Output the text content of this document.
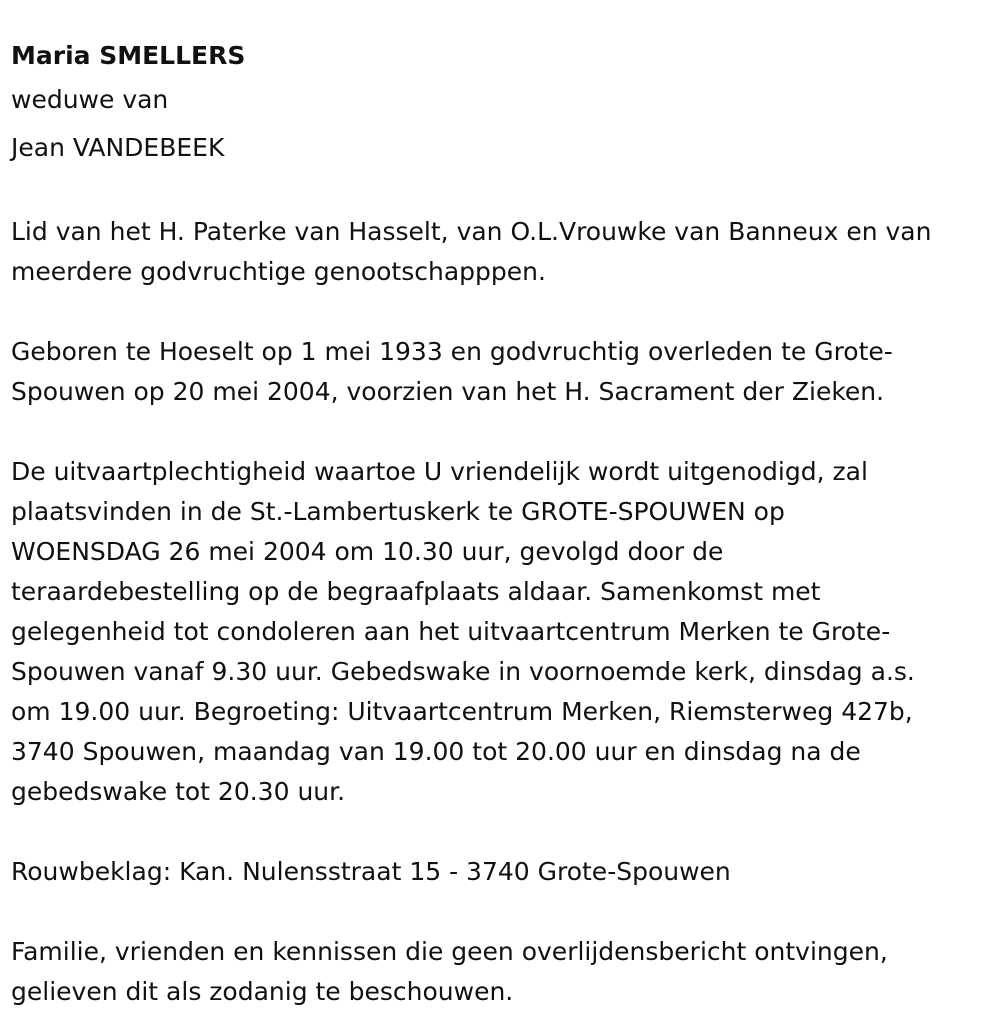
Maria SMELLERS

weduwe van

Jean VANDEBEEK

Lid van het H. Paterke van Hasselt, van O.L.Vrouwke van Banneux en van

meerdere godvruchtige genootschapppen.

Geboren te Hoeselt op 1 mei 1933 en godvruchtig overleden te Grote-

Spouwen op 20 mei 2004, voorzien van het H. Sacrament der Zieken.

De uitvaartplechtigheid waartoe U vriendelijk wordt uitgenodigd, zal

plaatsvinden in de St.-Lambertuskerk te GROTE-SPOUWEN op

WOENSDAG 26 mei 2004 om 10.30 uur, gevolgd door de

teraardebestelling op de begraafplaats aldaar. Samenkomst met

gelegenheid tot condoleren aan het uitvaartcentrum Merken te Grote-

Spouwen vanaf 9.30 uur. Gebedswake in voornoemde kerk, dinsdag a.s.

om 19.00 uur. Begroeting: Uitvaartcentrum Merken, Riemsterweg 427b,

3740 Spouwen, maandag van 19.00 tot 20.00 uur en dinsdag na de

gebedswake tot 20.30 uur.

Rouwbeklag: Kan. Nulensstraat 15 - 3740 Grote-Spouwen

Familie, vrienden en kennissen die geen overlijdensbericht ontvingen,

gelieven dit als zodanig te beschouwen.
